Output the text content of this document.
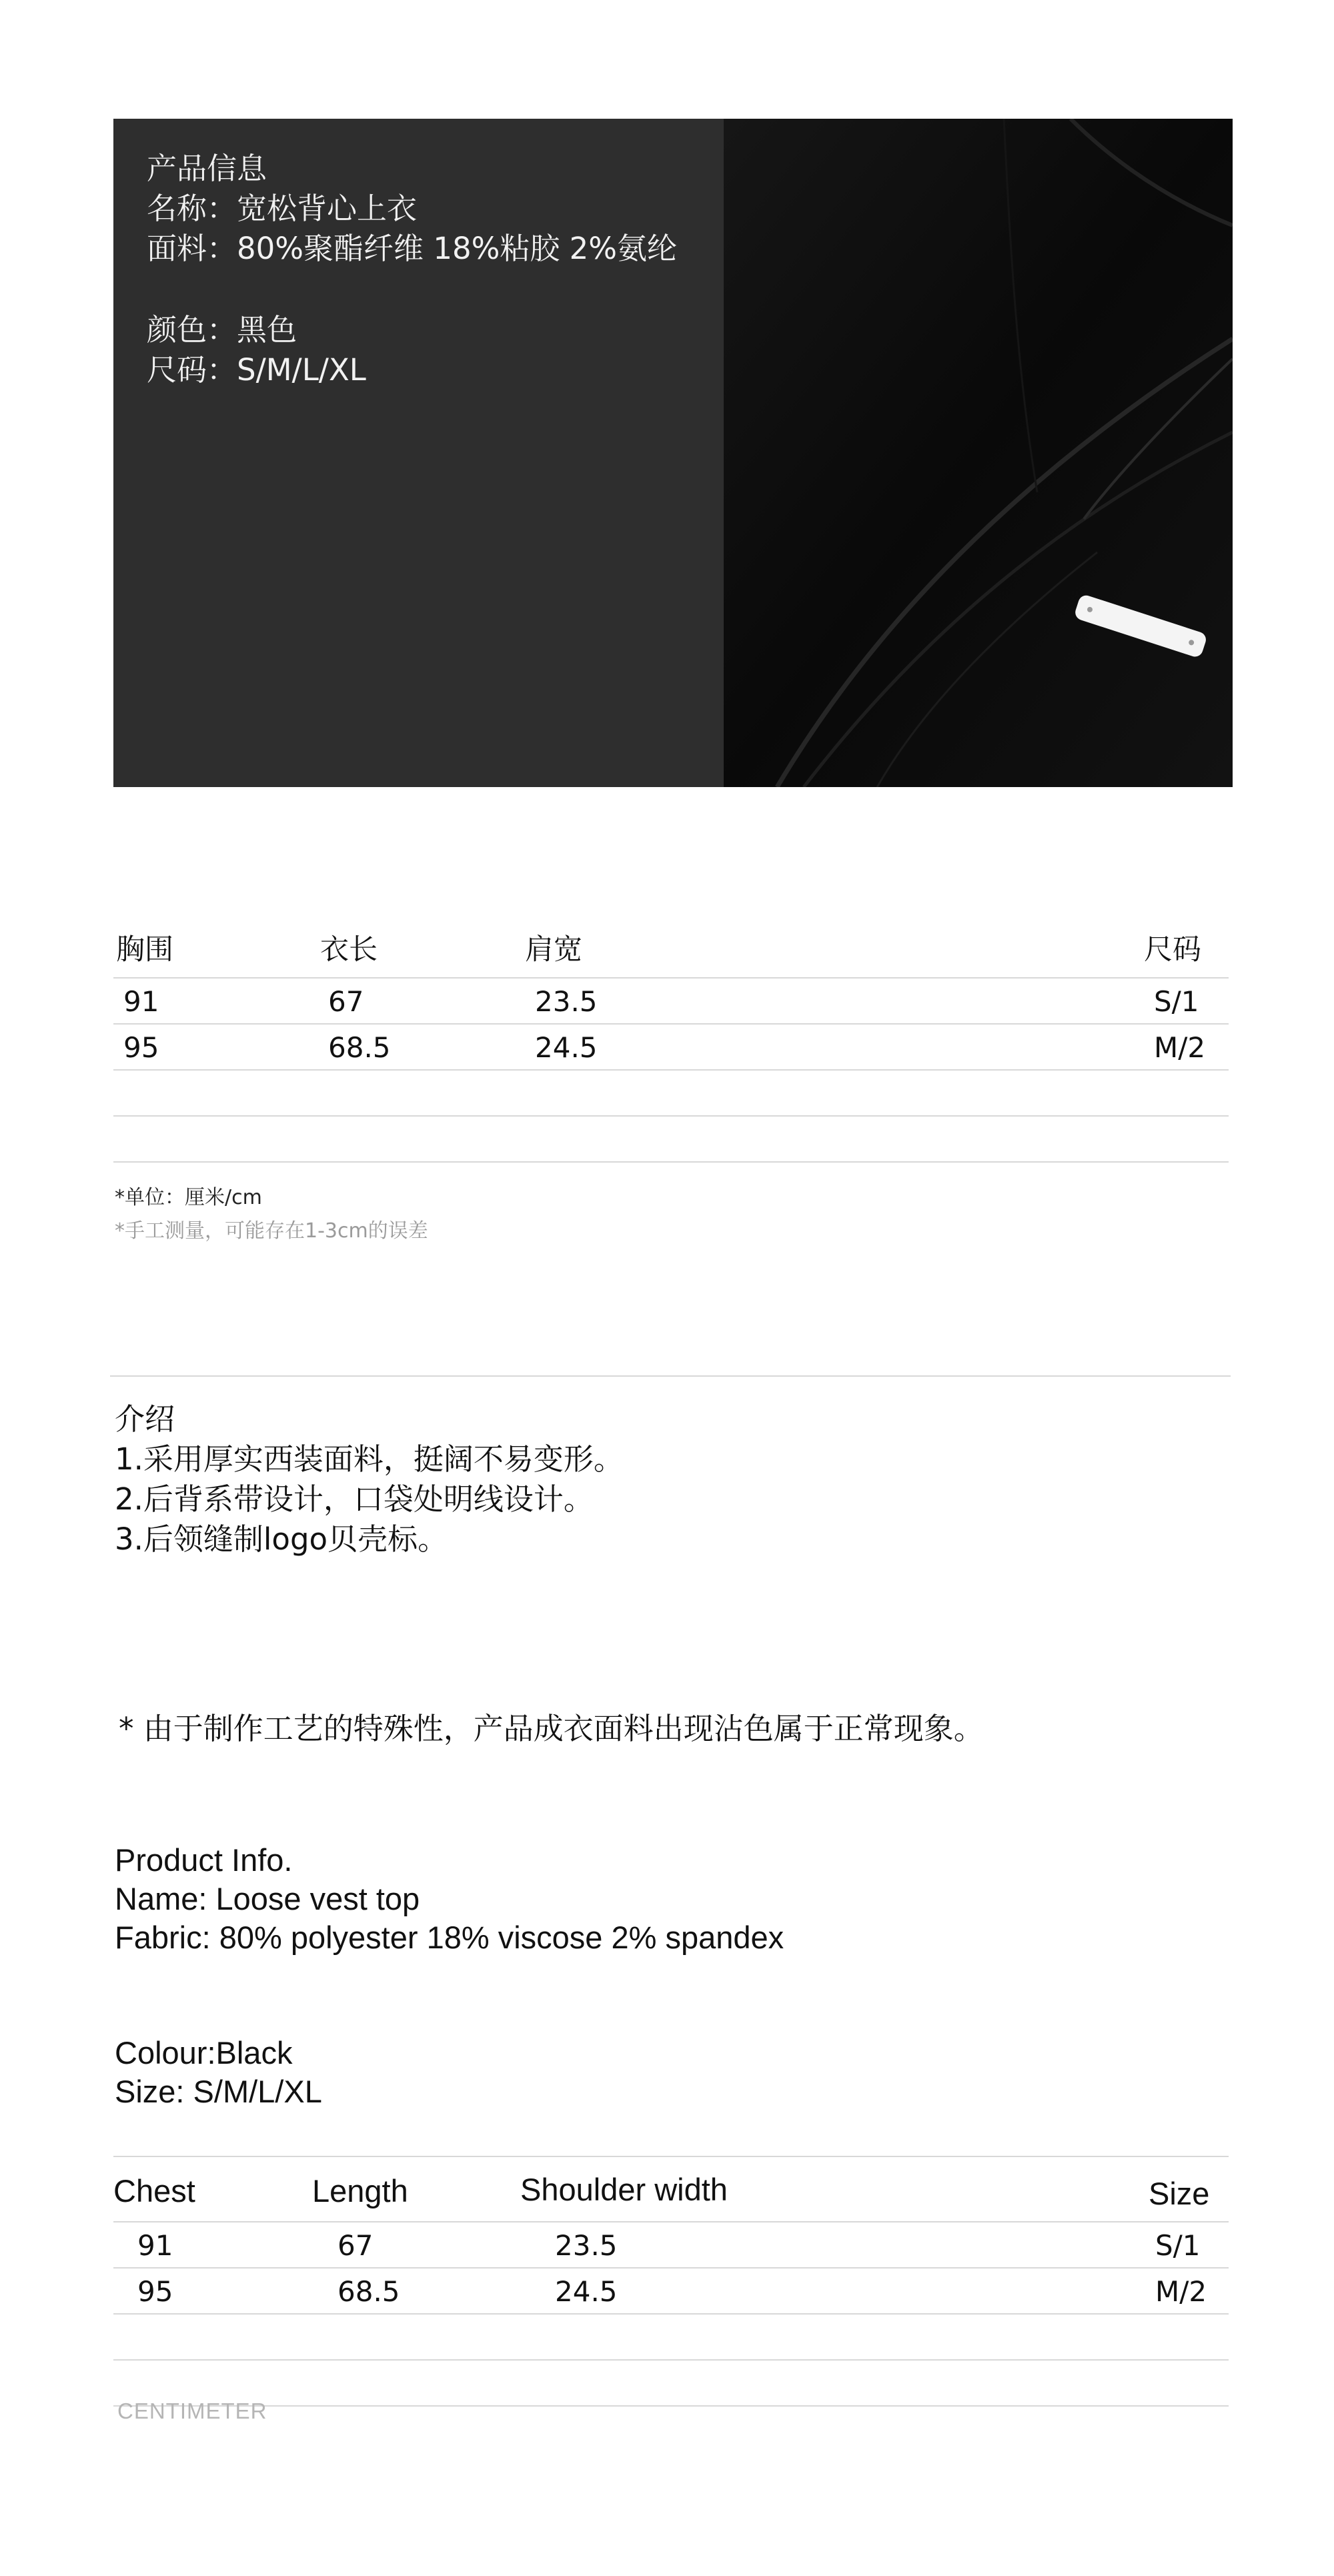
产品信息
名称：宽松背心上衣
面料：80%聚酯纤维 18%粘胶 2%氨纶
颜色：黑色
尺码：S/M/L/XL
胸围	衣长	肩宽	尺码
91	67	23.5	S/1
95	68.5	24.5	M/2
*单位：厘米/cm
*手工测量，可能存在1-3cm的误差
介绍
1.采用厚实西装面料，挺阔不易变形。
2.后背系带设计，口袋处明线设计。
3.后领缝制logo贝壳标。
* 由于制作工艺的特殊性，产品成衣面料出现沾色属于正常现象。
Product Info.
Name: Loose vest top
Fabric: 80% polyester 18% viscose 2% spandex
Colour:Black
Size: S/M/L/XL
Chest	Length	Shoulder width	Size
91	67	23.5	S/1
95	68.5	24.5	M/2
CENTIMETER
